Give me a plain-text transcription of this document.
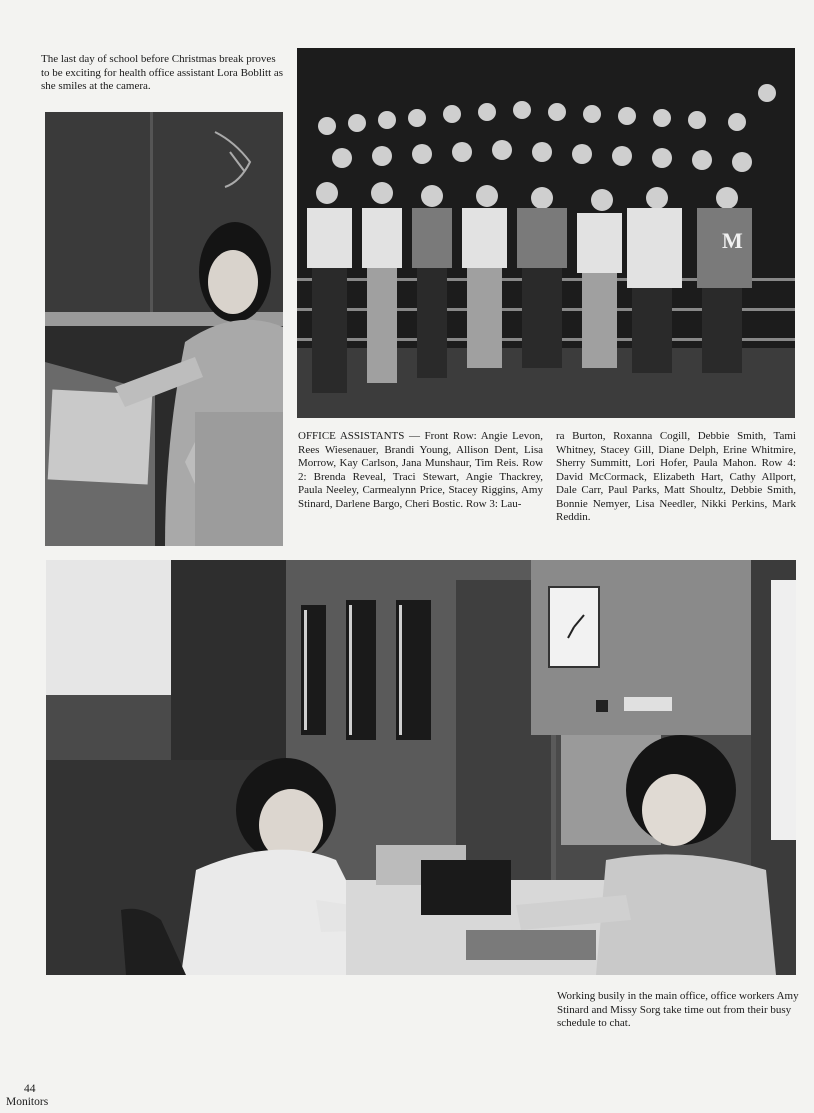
The last day of school before Christmas break proves to be exciting for health office assistant Lora Boblitt as she smiles at the camera.
M
OFFICE ASSISTANTS — Front Row: Angie Levon, Rees Wiesenauer, Brandi Young, Allison Dent, Lisa Morrow, Kay Carlson, Jana Munshaur, Tim Reis. Row 2: Brenda Reveal, Traci Stewart, Angie Thackrey, Paula Neeley, Carmealynn Price, Stacey Riggins, Amy Stinard, Darlene Bargo, Cheri Bostic. Row 3: Lau-
ra Burton, Roxanna Cogill, Debbie Smith, Tami Whitney, Stacey Gill, Diane Delph, Erine Whitmire, Sherry Summitt, Lori Hofer, Paula Mahon. Row 4: David McCormack, Elizabeth Hart, Cathy Allport, Dale Carr, Paul Parks, Matt Shoultz, Debbie Smith, Bonnie Nemyer, Lisa Needler, Nikki Perkins, Mark Reddin.
Working busily in the main office, office workers Amy Stinard and Missy Sorg take time out from their busy schedule to chat.
44
Monitors
